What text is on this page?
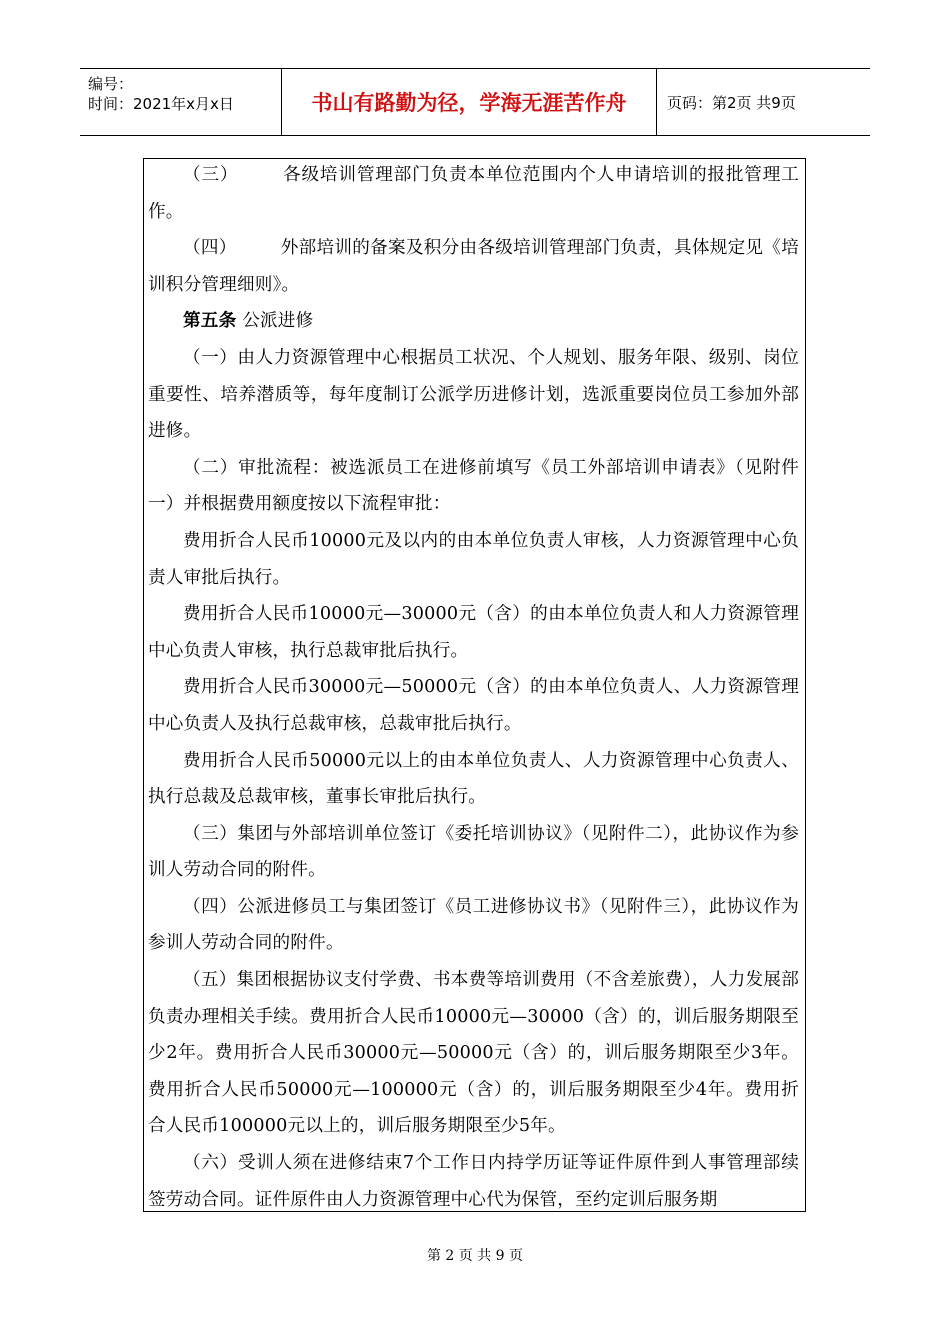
编号：
时间：2021年x月x日	书山有路勤为径，学海无涯苦作舟	页码：第2页 共9页

（三）	各级培训管理部门负责本单位范围内个人申请培训的报批管理工作。

（四）	外部培训的备案及积分由各级培训管理部门负责，具体规定见《培训积分管理细则》。

第五条 公派进修

（一）由人力资源管理中心根据员工状况、个人规划、服务年限、级别、岗位重要性、培养潜质等，每年度制订公派学历进修计划，选派重要岗位员工参加外部进修。

（二）审批流程：被选派员工在进修前填写《员工外部培训申请表》（见附件一）并根据费用额度按以下流程审批：

费用折合人民币10000元及以内的由本单位负责人审核，人力资源管理中心负责人审批后执行。

费用折合人民币10000元—30000元（含）的由本单位负责人和人力资源管理中心负责人审核，执行总裁审批后执行。

费用折合人民币30000元—50000元（含）的由本单位负责人、人力资源管理中心负责人及执行总裁审核，总裁审批后执行。

费用折合人民币50000元以上的由本单位负责人、人力资源管理中心负责人、执行总裁及总裁审核，董事长审批后执行。

（三）集团与外部培训单位签订《委托培训协议》（见附件二），此协议作为参训人劳动合同的附件。

（四）公派进修员工与集团签订《员工进修协议书》（见附件三），此协议作为参训人劳动合同的附件。

（五）集团根据协议支付学费、书本费等培训费用（不含差旅费），人力发展部负责办理相关手续。费用折合人民币10000元—30000（含）的，训后服务期限至少2年。费用折合人民币30000元—50000元（含）的，训后服务期限至少3年。费用折合人民币50000元—100000元（含）的，训后服务期限至少4年。费用折合人民币100000元以上的，训后服务期限至少5年。

（六）受训人须在进修结束7个工作日内持学历证等证件原件到人事管理部续签劳动合同。证件原件由人力资源管理中心代为保管，至约定训后服务期

第 2 页 共 9 页
